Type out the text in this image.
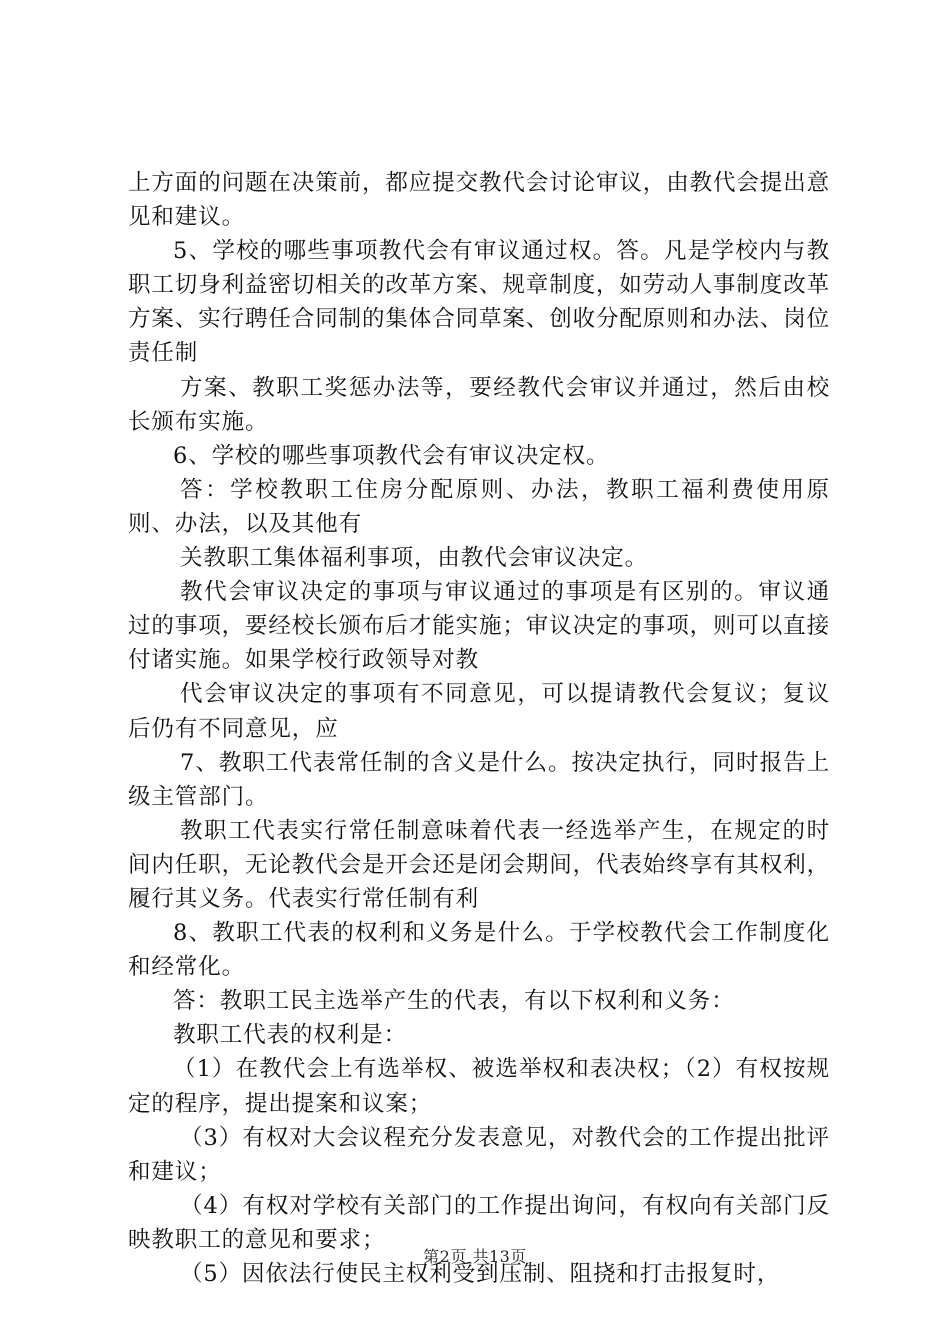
上方面的问题在决策前，都应提交教代会讨论审议，由教代会提出意见和建议。

5、学校的哪些事项教代会有审议通过权。答。凡是学校内与教职工切身利益密切相关的改革方案、规章制度，如劳动人事制度改革方案、实行聘任合同制的集体合同草案、创收分配原则和办法、岗位责任制

方案、教职工奖惩办法等，要经教代会审议并通过，然后由校长颁布实施。

6、学校的哪些事项教代会有审议决定权。

答：学校教职工住房分配原则、办法，教职工福利费使用原则、办法，以及其他有

关教职工集体福利事项，由教代会审议决定。

教代会审议决定的事项与审议通过的事项是有区别的。审议通过的事项，要经校长颁布后才能实施；审议决定的事项，则可以直接付诸实施。如果学校行政领导对教

代会审议决定的事项有不同意见，可以提请教代会复议；复议后仍有不同意见，应

7、教职工代表常任制的含义是什么。按决定执行，同时报告上级主管部门。

教职工代表实行常任制意味着代表一经选举产生，在规定的时间内任职，无论教代会是开会还是闭会期间，代表始终享有其权利，履行其义务。代表实行常任制有利

8、教职工代表的权利和义务是什么。于学校教代会工作制度化和经常化。

答：教职工民主选举产生的代表，有以下权利和义务：

教职工代表的权利是：

（1）在教代会上有选举权、被选举权和表决权；（2）有权按规定的程序，提出提案和议案；

（3）有权对大会议程充分发表意见，对教代会的工作提出批评和建议；

（4）有权对学校有关部门的工作提出询问，有权向有关部门反映教职工的意见和要求；

（5）因依法行使民主权利受到压制、阻挠和打击报复时，

第2页 共13页
